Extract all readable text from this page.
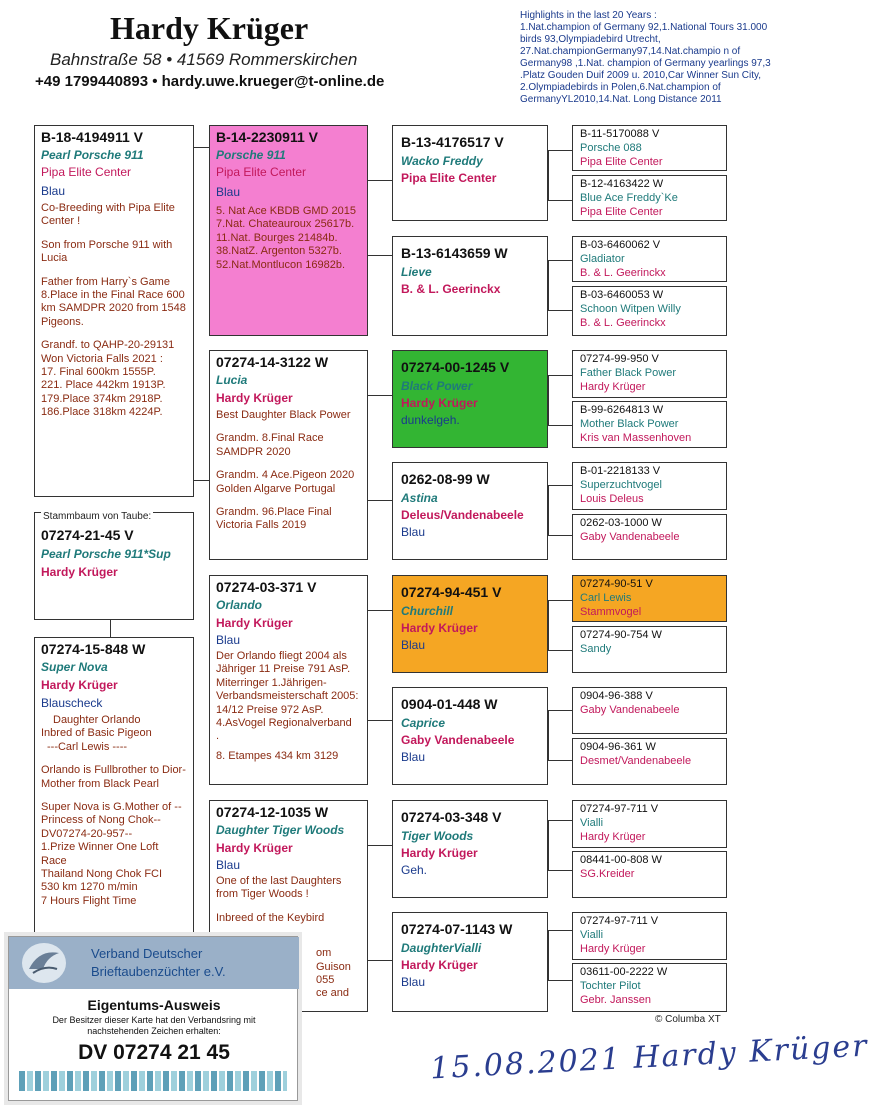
Hardy Krüger
Bahnstraße 58 • 41569 Rommerskirchen
+49 1799440893 • hardy.uwe.krueger@t-online.de
Highlights in the last 20 Years :
1.Nat.champion of Germany 92,1.National Tours 31.000 birds 93,Olympiadebird Utrecht, 27.Nat.championGermany97,14.Nat.champio n of Germany98 ,1.Nat. champion of Germany yearlings 97,3 .Platz Gouden Duif 2009 u. 2010,Car Winner Sun City, 2.Olympiadebirds in Polen,6.Nat.champion of GermanyYL2010,14.Nat. Long Distance 2011
B-18-4194911 V
Pearl Porsche 911
Pipa Elite Center
Blau
Co-Breeding with Pipa Elite Center !
Son from Porsche 911 with Lucia
Father from Harry`s Game 8.Place in the Final Race 600 km SAMDPR 2020 from 1548 Pigeons.
Grandf. to QAHP-20-29131 Won Victoria Falls 2021 :
17. Final 600km 1555P.
221. Place 442km 1913P.
179.Place 374km 2918P.
186.Place 318km 4224P.
Stammbaum von Taube:
07274-21-45 V
Pearl Porsche 911*Sup
Hardy Krüger
07274-15-848 W
Super Nova
Hardy Krüger
Blauscheck
Daughter Orlando
Inbred of Basic Pigeon
---Carl Lewis ----
Orlando is Fullbrother to Dior- Mother from Black Pearl
Super Nova is G.Mother of --Princess of Nong Chok-- DV07274-20-957--
1.Prize Winner One Loft Race
Thailand Nong Chok FCI
530 km 1270 m/min
7 Hours Flight Time
B-14-2230911 V
Porsche 911
Pipa Elite Center
Blau
5. Nat Ace KBDB GMD 2015
7.Nat. Chateauroux 25617b.
11.Nat. Bourges 21484b.
38.NatZ. Argenton 5327b.
52.Nat.Montlucon 16982b.
07274-14-3122 W
Lucia
Hardy Krüger
Best Daughter Black Power
Grandm. 8.Final Race SAMDPR 2020
Grandm. 4 Ace.Pigeon 2020
Golden Algarve Portugal
Grandm. 96.Place Final Victoria Falls 2019
07274-03-371 V
Orlando
Hardy Krüger
Blau
Der Orlando fliegt 2004 als Jähriger 11 Preise 791 AsP. Miterringer 1.Jährigen-Verbandsmeisterschaft 2005: 14/12 Preise 972 AsP.
4.AsVogel Regionalverband
.
8. Etampes 434 km 3129
07274-12-1035 W
Daughter Tiger Woods
Hardy Krüger
Blau
One of the last Daughters from Tiger Woods !
Inbreed of the Keybird
om Guison
055
ce and
B-13-4176517 V
Wacko Freddy
Pipa Elite Center
B-13-6143659 W
Lieve
B. & L. Geerinckx
07274-00-1245 V
Black Power
Hardy Krüger
dunkelgeh.
0262-08-99 W
Astina
Deleus/Vandenabeele
Blau
07274-94-451 V
Churchill
Hardy Krüger
Blau
0904-01-448 W
Caprice
Gaby Vandenabeele
Blau
07274-03-348 V
Tiger Woods
Hardy Krüger
Geh.
07274-07-1143 W
DaughterVialli
Hardy Krüger
Blau
B-11-5170088 V
Porsche 088
Pipa Elite Center
B-12-4163422 W
Blue Ace Freddy`Ke
Pipa Elite Center
B-03-6460062 V
Gladiator
B. & L. Geerinckx
B-03-6460053 W
Schoon Witpen Willy
B. & L. Geerinckx
07274-99-950 V
Father Black Power
Hardy Krüger
B-99-6264813 W
Mother Black Power
Kris van Massenhoven
B-01-2218133 V
Superzuchtvogel
Louis Deleus
0262-03-1000 W
Gaby Vandenabeele
07274-90-51 V
Carl Lewis
Stammvogel
07274-90-754 W
Sandy
0904-96-388 V
Gaby Vandenabeele
0904-96-361 W
Desmet/Vandenabeele
07274-97-711 V
Vialli
Hardy Krüger
08441-00-808 W
SG.Kreider
07274-97-711 V
Vialli
Hardy Krüger
03611-00-2222 W
Tochter Pilot
Gebr. Janssen
Verband Deutscher
Brieftaubenzüchter e.V.
Eigentums-Ausweis
Der Besitzer dieser Karte hat den Verbandsring mit nachstehenden Zeichen erhalten:
DV 07274 21 45
© Columba XT
15.08.2021 Hardy Krüger
